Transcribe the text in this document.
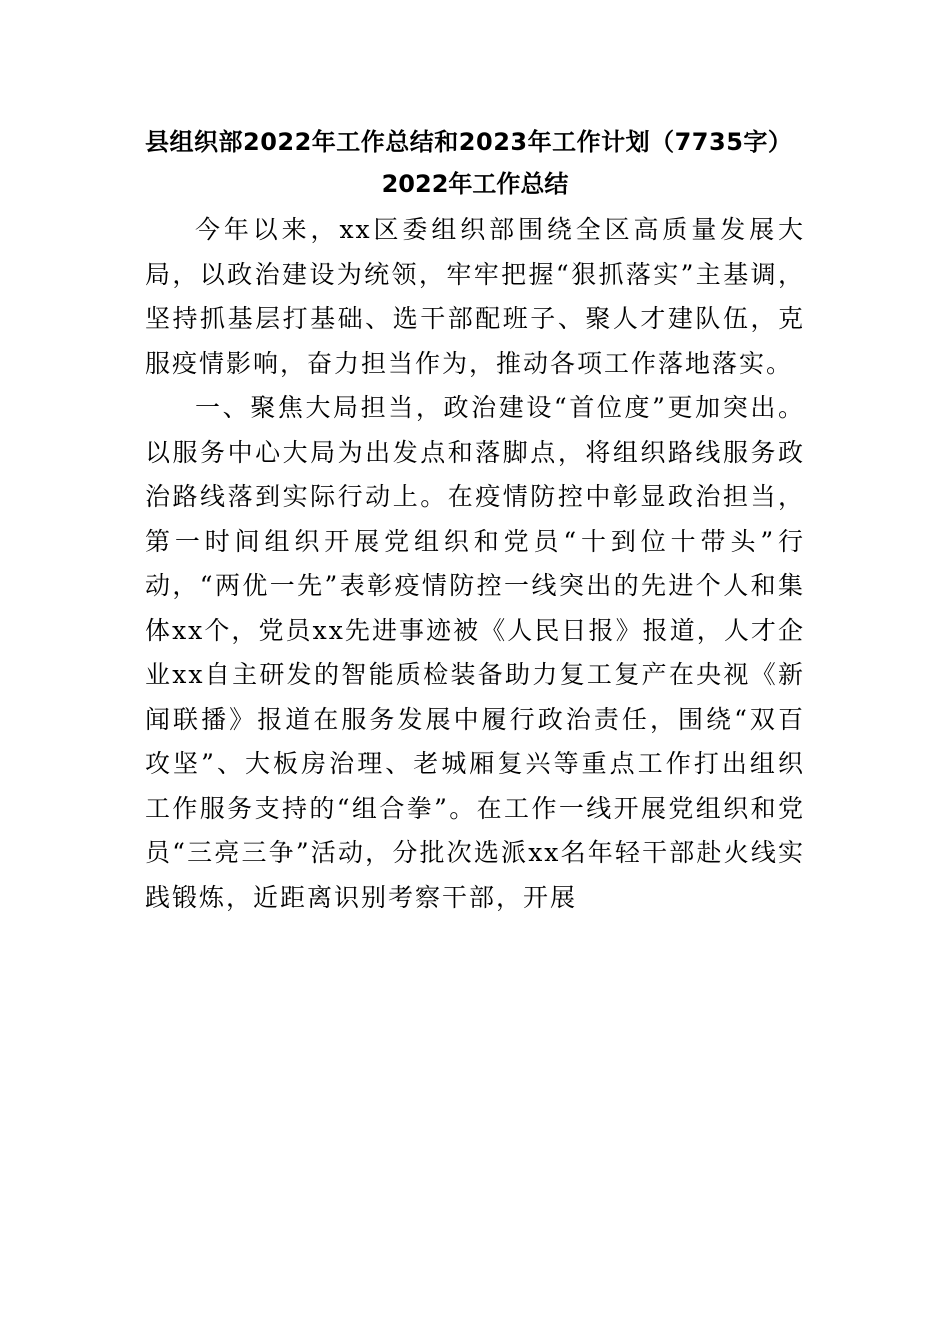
县组织部2022年工作总结和2023年工作计划（7735字）
2022年工作总结

今年以来，xx区委组织部围绕全区高质量发展大局，以政治建设为统领，牢牢把握“狠抓落实”主基调，坚持抓基层打基础、选干部配班子、聚人才建队伍，克服疫情影响，奋力担当作为，推动各项工作落地落实。

一、聚焦大局担当，政治建设“首位度”更加突出。以服务中心大局为出发点和落脚点，将组织路线服务政治路线落到实际行动上。在疫情防控中彰显政治担当，第一时间组织开展党组织和党员“十到位十带头”行动，“两优一先”表彰疫情防控一线突出的先进个人和集体xx个，党员xx先进事迹被《人民日报》报道，人才企业xx自主研发的智能质检装备助力复工复产在央视《新闻联播》报道在服务发展中履行政治责任，围绕“双百攻坚”、大板房治理、老城厢复兴等重点工作打出组织工作服务支持的“组合拳”。在工作一线开展党组织和党员“三亮三争”活动，分批次选派xx名年轻干部赴火线实践锻炼，近距离识别考察干部，开展
